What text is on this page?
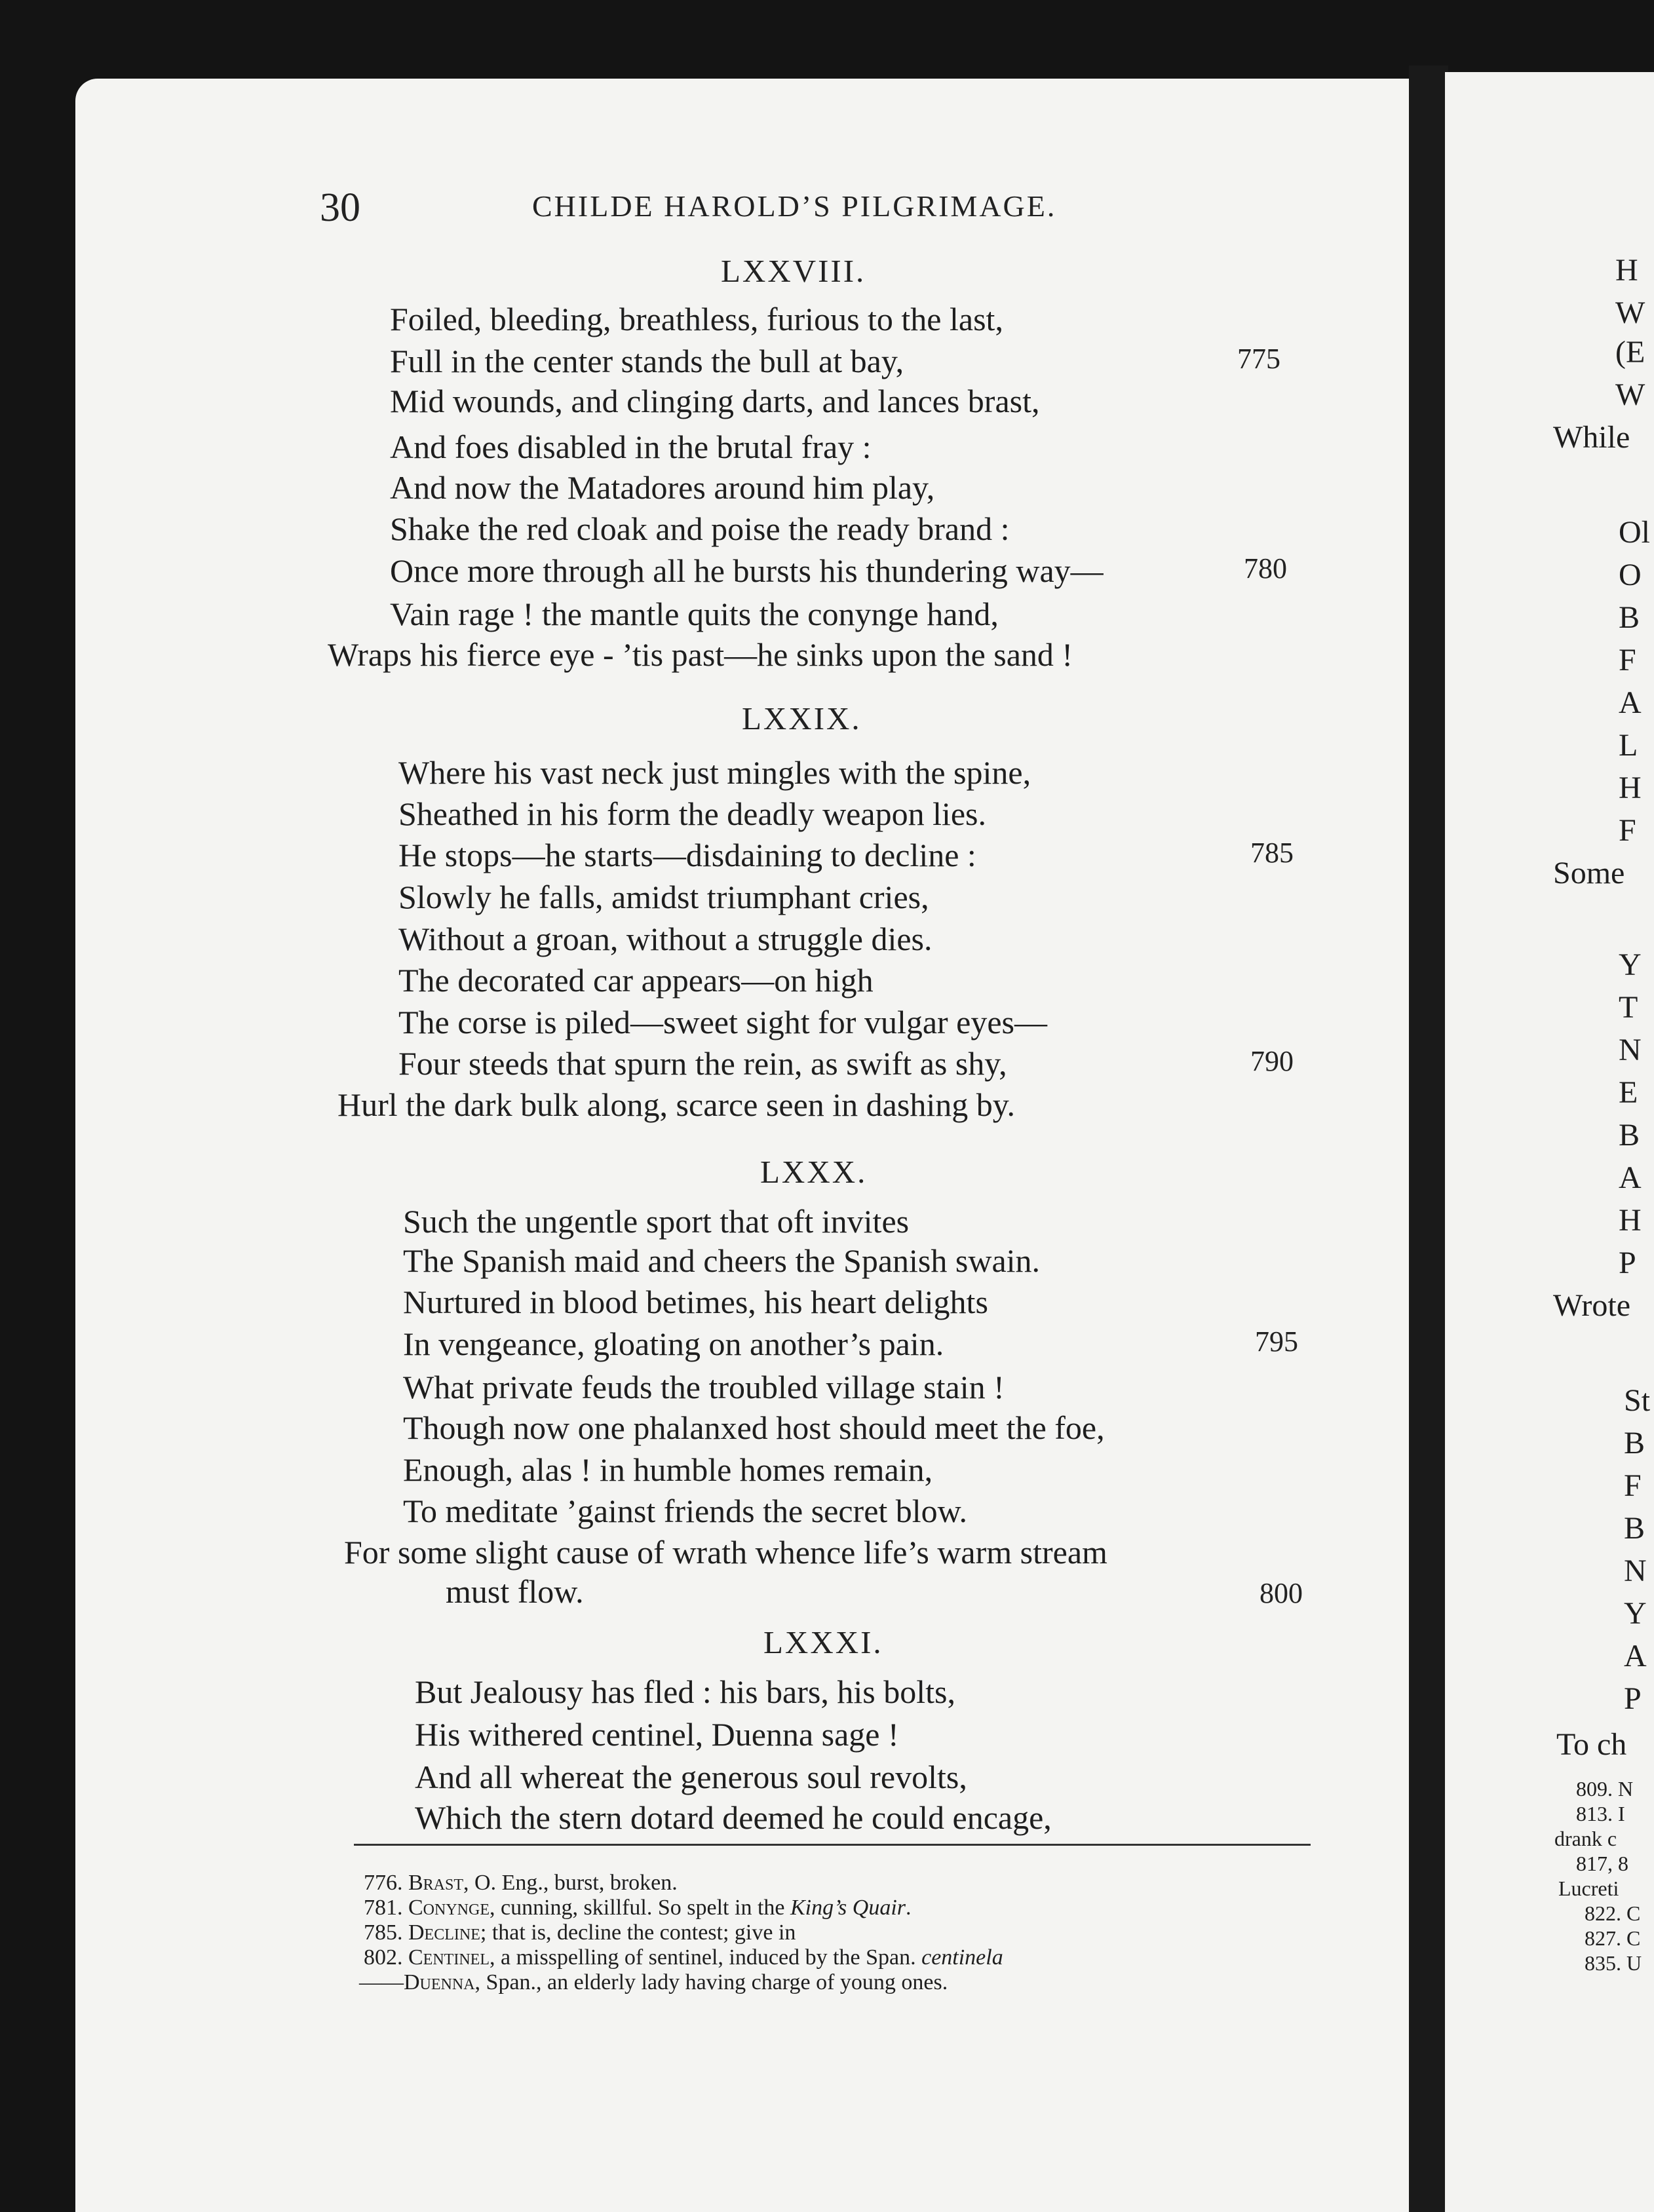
30	CHILDE HAROLD’S PILGRIMAGE.
LXXVIII.
Foiled, bleeding, breathless, furious to the last,
Full in the center stands the bull at bay,
Mid wounds, and clinging darts, and lances brast,
And foes disabled in the brutal fray :
And now the Matadores around him play,
Shake the red cloak and poise the ready brand :
Once more through all he bursts his thundering way—
Vain rage ! the mantle quits the conynge hand,
Wraps his fierce eye - ’tis past—he sinks upon the sand !
775
780
LXXIX.
Where his vast neck just mingles with the spine,
Sheathed in his form the deadly weapon lies.
He stops—he starts—disdaining to decline :
Slowly he falls, amidst triumphant cries,
Without a groan, without a struggle dies.
The decorated car appears—on high
The corse is piled—sweet sight for vulgar eyes—
Four steeds that spurn the rein, as swift as shy,
Hurl the dark bulk along, scarce seen in dashing by.
785
790
LXXX.
Such the ungentle sport that oft invites
The Spanish maid and cheers the Spanish swain.
Nurtured in blood betimes, his heart delights
In vengeance, gloating on another’s pain.
What private feuds the troubled village stain !
Though now one phalanxed host should meet the foe,
Enough, alas ! in humble homes remain,
To meditate ’gainst friends the secret blow.
For some slight cause of wrath whence life’s warm stream
must flow.
795
800
LXXXI.
But Jealousy has fled : his bars, his bolts,
His withered centinel, Duenna sage !
And all whereat the generous soul revolts,
Which the stern dotard deemed he could encage,
776. Brast, O. Eng., burst, broken.
781. Conynge, cunning, skillful. So spelt in the King’s Quair.
785. Decline; that is, decline the contest; give in
802. Centinel, a misspelling of sentinel, induced by the Span. centinela
——Duenna, Span., an elderly lady having charge of young ones.
H
W
(E
W
While
Ol
O
B
F
A
L
H
F
Some
Y
T
N
E
B
A
H
P
Wrote
St
B
F
B
N
Y
A
P
To ch
809. N
813. I
drank c
817, 8
Lucreti
822. C
827. C
835. U
